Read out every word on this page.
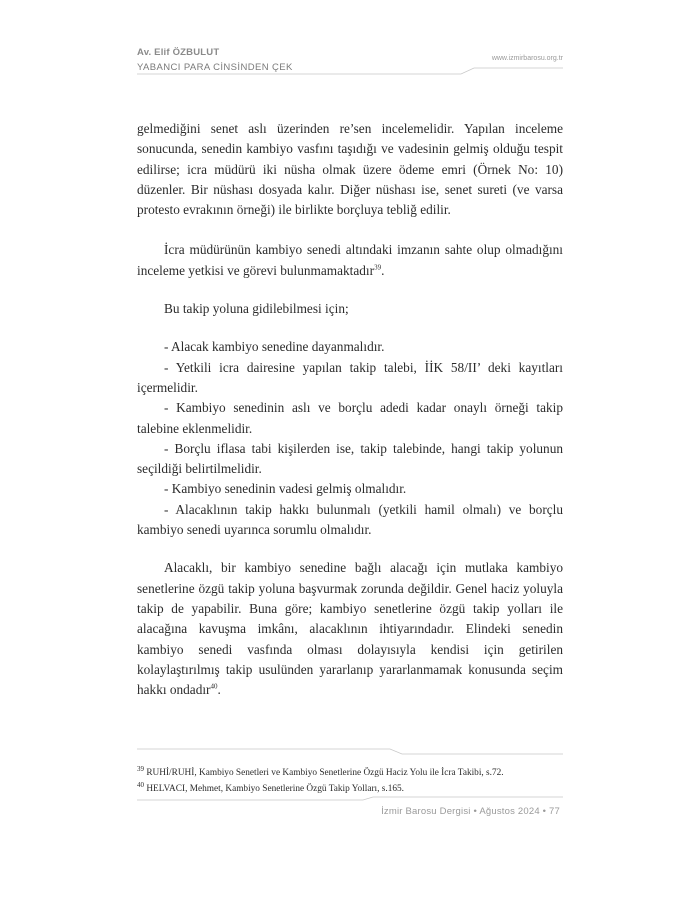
Av. Elif ÖZBULUT
YABANCI PARA CİNSİNDEN ÇEK
www.izmirbarosu.org.tr

gelmediğini senet aslı üzerinden re’sen incelemelidir. Yapılan inceleme sonucunda, senedin kambiyo vasfını taşıdığı ve vadesinin gelmiş olduğu tespit edilirse; icra müdürü iki nüsha olmak üzere ödeme emri (Örnek No: 10) düzenler. Bir nüshası dosyada kalır. Diğer nüshası ise, senet sureti (ve varsa protesto evrakının örneği) ile birlikte borçluya tebliğ edilir.

İcra müdürünün kambiyo senedi altındaki imzanın sahte olup olmadığını inceleme yetkisi ve görevi bulunmamaktadır$^{39}$.

Bu takip yoluna gidilebilmesi için;

- Alacak kambiyo senedine dayanmalıdır.

- Yetkili icra dairesine yapılan takip talebi, İİK 58/II’ deki kayıtları içermelidir.

- Kambiyo senedinin aslı ve borçlu adedi kadar onaylı örneği takip talebine eklenmelidir.

- Borçlu iflasa tabi kişilerden ise, takip talebinde, hangi takip yolunun seçildiği belirtilmelidir.

- Kambiyo senedinin vadesi gelmiş olmalıdır.

- Alacaklının takip hakkı bulunmalı (yetkili hamil olmalı) ve borçlu kambiyo senedi uyarınca sorumlu olmalıdır.

Alacaklı, bir kambiyo senedine bağlı alacağı için mutlaka kambiyo senetlerine özgü takip yoluna başvurmak zorunda değildir. Genel haciz yoluyla takip de yapabilir. Buna göre; kambiyo senetlerine özgü takip yolları ile alacağına kavuşma imkânı, alacaklının ihtiyarındadır. Elindeki senedin kambiyo senedi vasfında olması dolayısıyla kendisi için getirilen kolaylaştırılmış takip usulünden yararlanıp yararlanmamak konusunda seçim hakkı ondadır$^{40}$.

$^{39}$ RUHİ/RUHİ, Kambiyo Senetleri ve Kambiyo Senetlerine Özgü Haciz Yolu ile İcra Takibi, s.72.
$^{40}$ HELVACI, Mehmet, Kambiyo Senetlerine Özgü Takip Yolları, s.165.
İzmir Barosu Dergisi • Ağustos 2024 • 77
